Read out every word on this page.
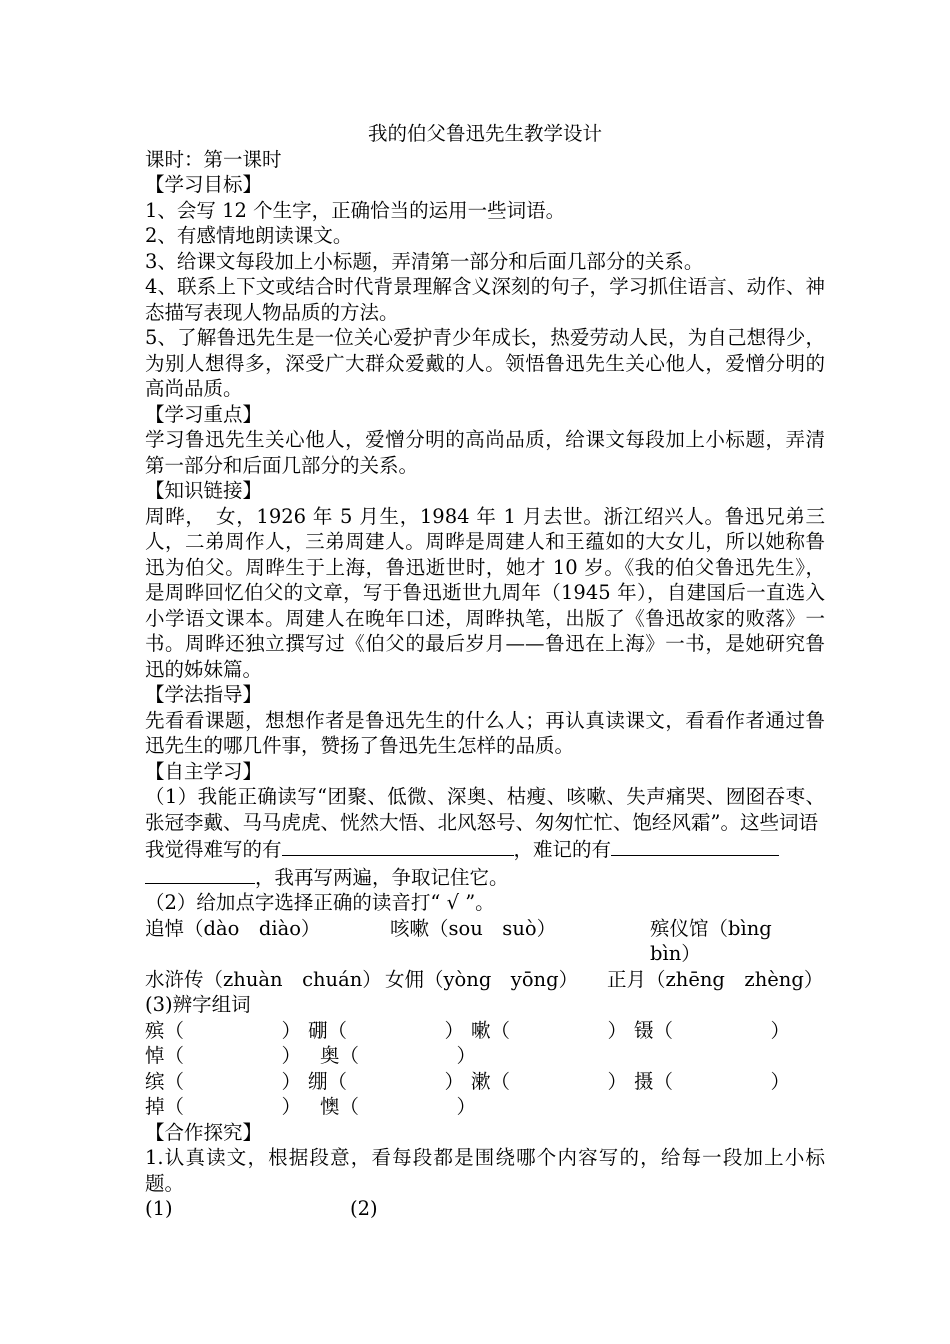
我的伯父鲁迅先生教学设计
课时：第一课时
【学习目标】
1、会写 12 个生字，正确恰当的运用一些词语。
2、有感情地朗读课文。
3、给课文每段加上小标题，弄清第一部分和后面几部分的关系。
4、联系上下文或结合时代背景理解含义深刻的句子，学习抓住语言、动作、神态描写表现人物品质的方法。
5、了解鲁迅先生是一位关心爱护青少年成长，热爱劳动人民，为自己想得少，为别人想得多，深受广大群众爱戴的人。领悟鲁迅先生关心他人，爱憎分明的高尚品质。
【学习重点】
学习鲁迅先生关心他人，爱憎分明的高尚品质，给课文每段加上小标题，弄清第一部分和后面几部分的关系。
【知识链接】
周晔，　女，1926 年 5 月生，1984 年 1 月去世。浙江绍兴人。鲁迅兄弟三人，二弟周作人，三弟周建人。周晔是周建人和王蕴如的大女儿，所以她称鲁迅为伯父。周晔生于上海，鲁迅逝世时，她才 10 岁。《我的伯父鲁迅先生》，是周晔回忆伯父的文章，写于鲁迅逝世九周年（1945 年），自建国后一直选入小学语文课本。周建人在晚年口述，周晔执笔，出版了《鲁迅故家的败落》一书。周晔还独立撰写过《伯父的最后岁月——鲁迅在上海》一书，是她研究鲁迅的姊妹篇。
【学法指导】
先看看课题，想想作者是鲁迅先生的什么人；再认真读课文，看看作者通过鲁迅先生的哪几件事，赞扬了鲁迅先生怎样的品质。
【自主学习】
（1）我能正确读写“团聚、低微、深奥、枯瘦、咳嗽、失声痛哭、囫囵吞枣、张冠李戴、马马虎虎、恍然大悟、北风怒号、匆匆忙忙、饱经风霜”。这些词语
我觉得难写的有	，难记的有
，我再写两遍，争取记住它。
（2）给加点字选择正确的读音打“ √ ”。
追悼（dào　diào）	咳嗽（sou　suò）	殡仪馆（bìng　bìn）
水浒传（zhuàn　chuán） 女佣（yòng　yōng）	正月（zhēng　zhèng）
(3)辨字组词
殡（　　　　　） 硼（　　　　　） 嗽（　　　　　） 镊（　　　　　）
悼（　　　　　） 奥（　　　　　）
缤（　　　　　） 绷（　　　　　） 漱（　　　　　） 摄（　　　　　）
掉（　　　　　） 懊（　　　　　）
【合作探究】
1.认真读文，根据段意，看每段都是围绕哪个内容写的，给每一段加上小标题。
(1)	(2)
